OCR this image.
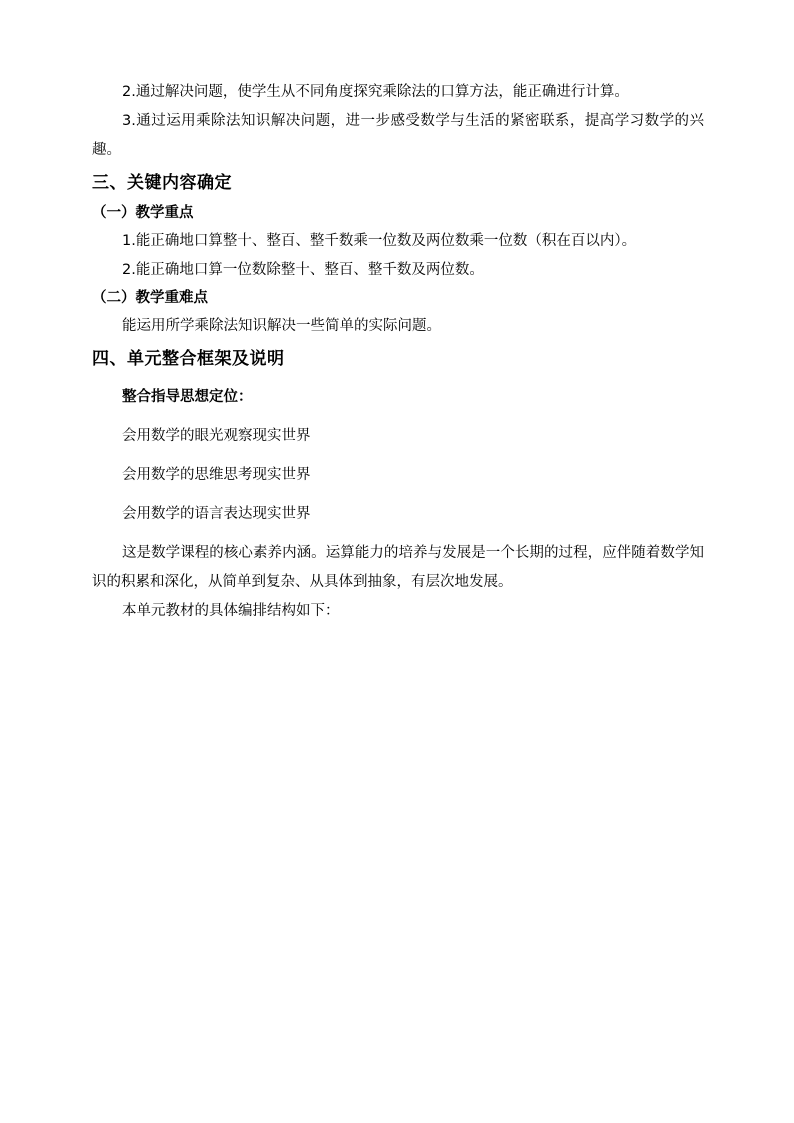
2.通过解决问题，使学生从不同角度探究乘除法的口算方法，能正确进行计算。

3.通过运用乘除法知识解决问题，进一步感受数学与生活的紧密联系，提高学习数学的兴趣。

三、关键内容确定
（一）教学重点

1.能正确地口算整十、整百、整千数乘一位数及两位数乘一位数（积在百以内）。

2.能正确地口算一位数除整十、整百、整千数及两位数。

（二）教学重难点

能运用所学乘除法知识解决一些简单的实际问题。

四、单元整合框架及说明
整合指导思想定位：

会用数学的眼光观察现实世界

会用数学的思维思考现实世界

会用数学的语言表达现实世界

这是数学课程的核心素养内涵。运算能力的培养与发展是一个长期的过程，应伴随着数学知识的积累和深化，从简单到复杂、从具体到抽象，有层次地发展。

本单元教材的具体编排结构如下：
